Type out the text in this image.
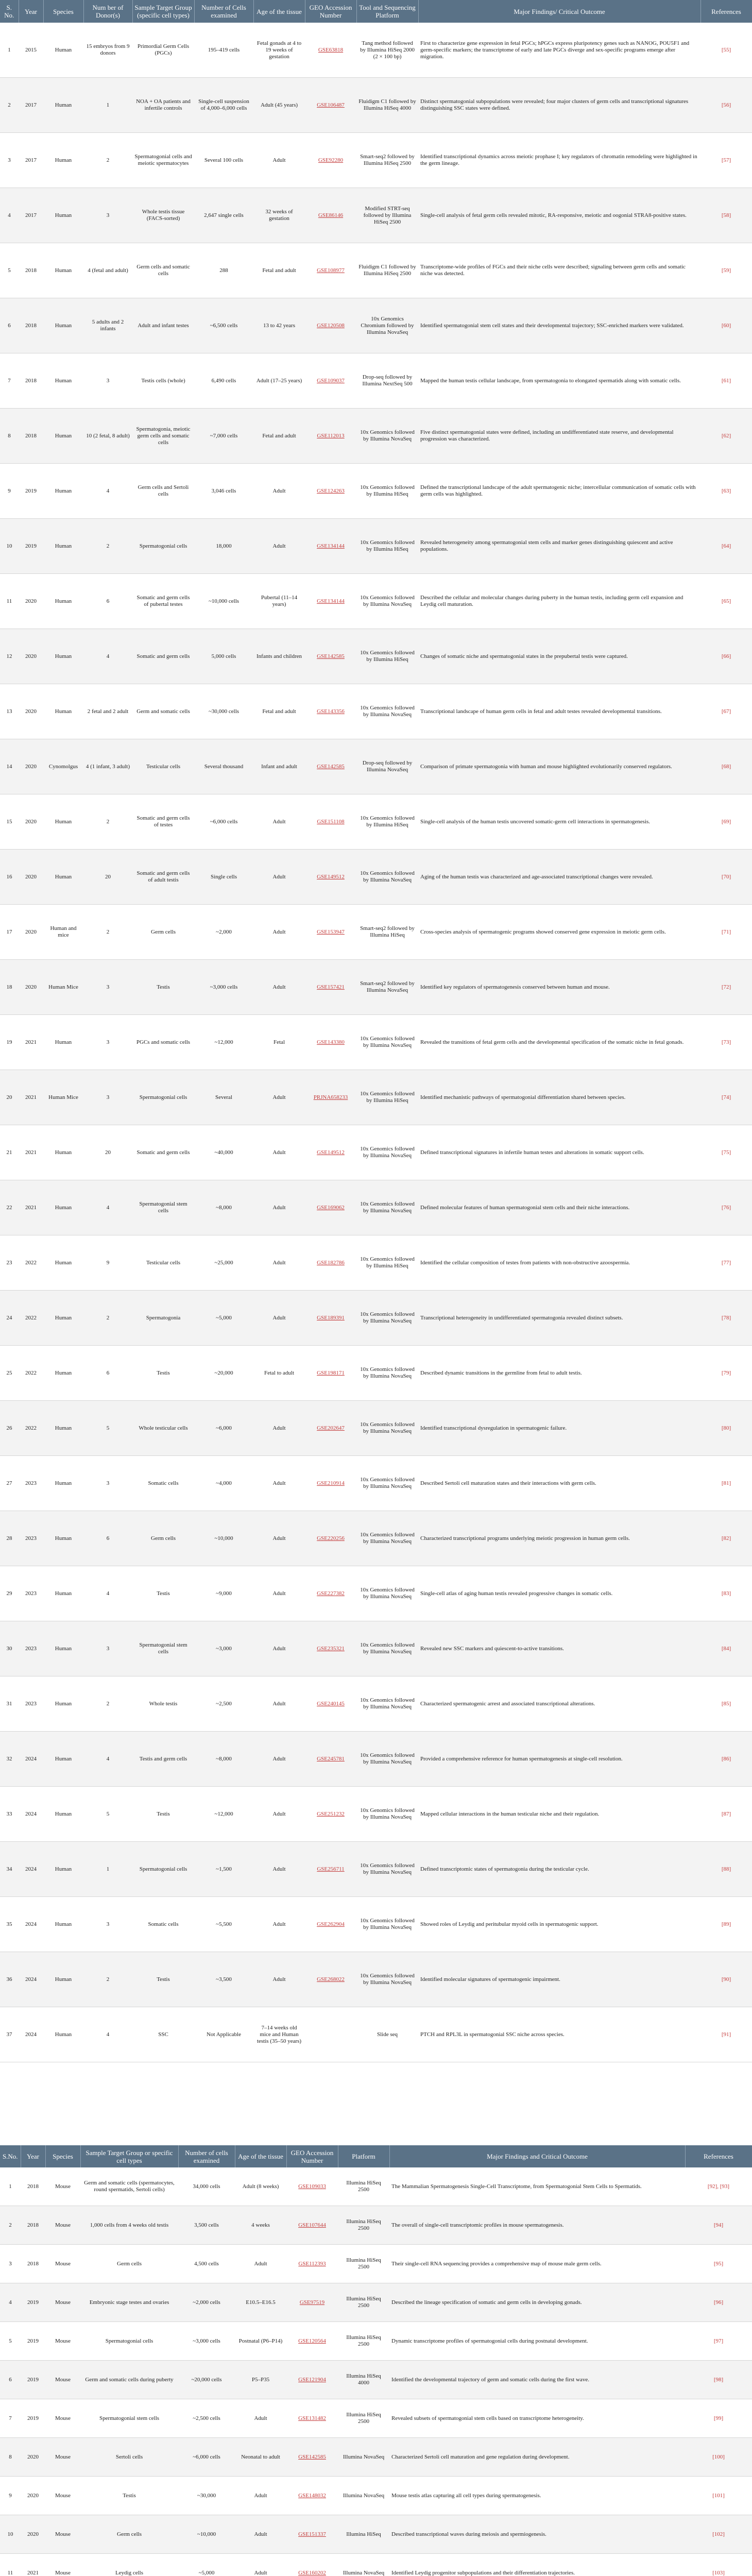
S. No.	Year	Species	Num ber of Donor(s)	Sample Target Group (specific cell types)	Number of Cells examined	Age of the tissue	GEO Accession Number	Tool and Sequencing Platform	Major Findings/ Critical Outcome	References
1	2015	Human	15 embryos from 9 donors	Primordial Germ Cells (PGCs)	195–419 cells	Fetal gonads at 4 to 19 weeks of gestation	GSE63818	Tang method followed by Illumina HiSeq 2000 (2 × 100 bp)	First to characterize gene expression in fetal PGCs; hPGCs express pluripotency genes such as NANOG, POU5F1 and germ-specific markers; the transcriptome of early and late PGCs diverge and sex-specific programs emerge after migration.	[55]
2	2017	Human	1	NOA + OA patients and infertile controls	Single-cell suspension of 4,000–6,000 cells	Adult (45 years)	GSE106487	Fluidigm C1 followed by Illumina HiSeq 4000	Distinct spermatogonial subpopulations were revealed; four major clusters of germ cells and transcriptional signatures distinguishing SSC states were defined.	[56]
3	2017	Human	2	Spermatogonial cells and meiotic spermatocytes	Several 100 cells	Adult	GSE92280	Smart-seq2 followed by Illumina HiSeq 2500	Identified transcriptional dynamics across meiotic prophase I; key regulators of chromatin remodeling were highlighted in the germ lineage.	[57]
4	2017	Human	3	Whole testis tissue (FACS-sorted)	2,647 single cells	32 weeks of gestation	GSE86146	Modified STRT-seq followed by Illumina HiSeq 2500	Single-cell analysis of fetal germ cells revealed mitotic, RA-responsive, meiotic and oogonial STRA8-positive states.	[58]
5	2018	Human	4 (fetal and adult)	Germ cells and somatic cells	288	Fetal and adult	GSE108977	Fluidigm C1 followed by Illumina HiSeq 2500	Transcriptome-wide profiles of FGCs and their niche cells were described; signaling between germ cells and somatic niche was detected.	[59]
6	2018	Human	5 adults and 2 infants	Adult and infant testes	~6,500 cells	13 to 42 years	GSE120508	10x Genomics Chromium followed by Illumina NovaSeq	Identified spermatogonial stem cell states and their developmental trajectory; SSC-enriched markers were validated.	[60]
7	2018	Human	3	Testis cells (whole)	6,490 cells	Adult (17–25 years)	GSE109037	Drop-seq followed by Illumina NextSeq 500	Mapped the human testis cellular landscape, from spermatogonia to elongated spermatids along with somatic cells.	[61]
8	2018	Human	10 (2 fetal, 8 adult)	Spermatogonia, meiotic germ cells and somatic cells	~7,000 cells	Fetal and adult	GSE112013	10x Genomics followed by Illumina NovaSeq	Five distinct spermatogonial states were defined, including an undifferentiated state reserve, and developmental progression was characterized.	[62]
9	2019	Human	4	Germ cells and Sertoli cells	3,046 cells	Adult	GSE124263	10x Genomics followed by Illumina HiSeq	Defined the transcriptional landscape of the adult spermatogenic niche; intercellular communication of somatic cells with germ cells was highlighted.	[63]
10	2019	Human	2	Spermatogonial cells	18,000	Adult	GSE134144	10x Genomics followed by Illumina HiSeq	Revealed heterogeneity among spermatogonial stem cells and marker genes distinguishing quiescent and active populations.	[64]
11	2020	Human	6	Somatic and germ cells of pubertal testes	~10,000 cells	Pubertal (11–14 years)	GSE134144	10x Genomics followed by Illumina NovaSeq	Described the cellular and molecular changes during puberty in the human testis, including germ cell expansion and Leydig cell maturation.	[65]
12	2020	Human	4	Somatic and germ cells	5,000 cells	Infants and children	GSE142585	10x Genomics followed by Illumina HiSeq	Changes of somatic niche and spermatogonial states in the prepubertal testis were captured.	[66]
13	2020	Human	2 fetal and 2 adult	Germ and somatic cells	~30,000 cells	Fetal and adult	GSE143356	10x Genomics followed by Illumina NovaSeq	Transcriptional landscape of human germ cells in fetal and adult testes revealed developmental transitions.	[67]
14	2020	Cynomolgus	4 (1 infant, 3 adult)	Testicular cells	Several thousand	Infant and adult	GSE142585	Drop-seq followed by Illumina NovaSeq	Comparison of primate spermatogonia with human and mouse highlighted evolutionarily conserved regulators.	[68]
15	2020	Human	2	Somatic and germ cells of testes	~6,000 cells	Adult	GSE151108	10x Genomics followed by Illumina HiSeq	Single-cell analysis of the human testis uncovered somatic-germ cell interactions in spermatogenesis.	[69]
16	2020	Human	20	Somatic and germ cells of adult testis	Single cells	Adult	GSE149512	10x Genomics followed by Illumina NovaSeq	Aging of the human testis was characterized and age-associated transcriptional changes were revealed.	[70]
17	2020	Human and mice	2	Germ cells	~2,000	Adult	GSE153947	Smart-seq2 followed by Illumina HiSeq	Cross-species analysis of spermatogenic programs showed conserved gene expression in meiotic germ cells.	[71]
18	2020	Human Mice	3	Testis	~3,000 cells	Adult	GSE157421	Smart-seq2 followed by Illumina NovaSeq	Identified key regulators of spermatogenesis conserved between human and mouse.	[72]
19	2021	Human	3	PGCs and somatic cells	~12,000	Fetal	GSE143380	10x Genomics followed by Illumina NovaSeq	Revealed the transitions of fetal germ cells and the developmental specification of the somatic niche in fetal gonads.	[73]
20	2021	Human Mice	3	Spermatogonial cells	Several	Adult	PRJNA658233	10x Genomics followed by Illumina HiSeq	Identified mechanistic pathways of spermatogonial differentiation shared between species.	[74]
21	2021	Human	20	Somatic and germ cells	~40,000	Adult	GSE149512	10x Genomics followed by Illumina NovaSeq	Defined transcriptional signatures in infertile human testes and alterations in somatic support cells.	[75]
22	2021	Human	4	Spermatogonial stem cells	~8,000	Adult	GSE169062	10x Genomics followed by Illumina NovaSeq	Defined molecular features of human spermatogonial stem cells and their niche interactions.	[76]
23	2022	Human	9	Testicular cells	~25,000	Adult	GSE182786	10x Genomics followed by Illumina HiSeq	Identified the cellular composition of testes from patients with non-obstructive azoospermia.	[77]
24	2022	Human	2	Spermatogonia	~5,000	Adult	GSE189391	10x Genomics followed by Illumina NovaSeq	Transcriptional heterogeneity in undifferentiated spermatogonia revealed distinct subsets.	[78]
25	2022	Human	6	Testis	~20,000	Fetal to adult	GSE198171	10x Genomics followed by Illumina NovaSeq	Described dynamic transitions in the germline from fetal to adult testis.	[79]
26	2022	Human	5	Whole testicular cells	~6,000	Adult	GSE202647	10x Genomics followed by Illumina NovaSeq	Identified transcriptional dysregulation in spermatogenic failure.	[80]
27	2023	Human	3	Somatic cells	~4,000	Adult	GSE210914	10x Genomics followed by Illumina NovaSeq	Described Sertoli cell maturation states and their interactions with germ cells.	[81]
28	2023	Human	6	Germ cells	~10,000	Adult	GSE220256	10x Genomics followed by Illumina NovaSeq	Characterized transcriptional programs underlying meiotic progression in human germ cells.	[82]
29	2023	Human	4	Testis	~9,000	Adult	GSE227382	10x Genomics followed by Illumina NovaSeq	Single-cell atlas of aging human testis revealed progressive changes in somatic cells.	[83]
30	2023	Human	3	Spermatogonial stem cells	~3,000	Adult	GSE235321	10x Genomics followed by Illumina NovaSeq	Revealed new SSC markers and quiescent-to-active transitions.	[84]
31	2023	Human	2	Whole testis	~2,500	Adult	GSE240145	10x Genomics followed by Illumina NovaSeq	Characterized spermatogenic arrest and associated transcriptional alterations.	[85]
32	2024	Human	4	Testis and germ cells	~8,000	Adult	GSE245781	10x Genomics followed by Illumina NovaSeq	Provided a comprehensive reference for human spermatogenesis at single-cell resolution.	[86]
33	2024	Human	5	Testis	~12,000	Adult	GSE251232	10x Genomics followed by Illumina NovaSeq	Mapped cellular interactions in the human testicular niche and their regulation.	[87]
34	2024	Human	1	Spermatogonial cells	~1,500	Adult	GSE256711	10x Genomics followed by Illumina NovaSeq	Defined transcriptomic states of spermatogonia during the testicular cycle.	[88]
35	2024	Human	3	Somatic cells	~5,500	Adult	GSE262904	10x Genomics followed by Illumina NovaSeq	Showed roles of Leydig and peritubular myoid cells in spermatogenic support.	[89]
36	2024	Human	2	Testis	~3,500	Adult	GSE268022	10x Genomics followed by Illumina NovaSeq	Identified molecular signatures of spermatogenic impairment.	[90]
37	2024	Human	4	SSC	Not Applicable	7–14 weeks old mice and Human testis (35–50 years)		Slide seq	PTCH and RPL3L in spermatogonial SSC niche across species.	[91]
S.No.	Year	Species	Sample Target Group or specific cell types	Number of cells examined	Age of the tissue	GEO Accession Number	Platform	Major Findings and Critical Outcome	References
1	2018	Mouse	Germ and somatic cells (spermatocytes, round spermatids, Sertoli cells)	34,000 cells	Adult (8 weeks)	GSE109033	Illumina HiSeq 2500	The Mammalian Spermatogenesis Single-Cell Transcriptome, from Spermatogonial Stem Cells to Spermatids.	[92], [93]
2	2018	Mouse	1,000 cells from 4 weeks old testis	3,500 cells	4 weeks	GSE107644	Illumina HiSeq 2500	The overall of single-cell transcriptomic profiles in mouse spermatogenesis.	[94]
3	2018	Mouse	Germ cells	4,500 cells	Adult	GSE112393	Illumina HiSeq 2500	Their single-cell RNA sequencing provides a comprehensive map of mouse male germ cells.	[95]
4	2019	Mouse	Embryonic stage testes and ovaries	~2,000 cells	E10.5–E16.5	GSE97519	Illumina HiSeq 2500	Described the lineage specification of somatic and germ cells in developing gonads.	[96]
5	2019	Mouse	Spermatogonial cells	~3,000 cells	Postnatal (P6–P14)	GSE120564	Illumina HiSeq 2500	Dynamic transcriptome profiles of spermatogonial cells during postnatal development.	[97]
6	2019	Mouse	Germ and somatic cells during puberty	~20,000 cells	P5–P35	GSE121904	Illumina HiSeq 4000	Identified the developmental trajectory of germ and somatic cells during the first wave.	[98]
7	2019	Mouse	Spermatogonial stem cells	~2,500 cells	Adult	GSE131482	Illumina HiSeq 2500	Revealed subsets of spermatogonial stem cells based on transcriptome heterogeneity.	[99]
8	2020	Mouse	Sertoli cells	~6,000 cells	Neonatal to adult	GSE142585	Illumina NovaSeq	Characterized Sertoli cell maturation and gene regulation during development.	[100]
9	2020	Mouse	Testis	~30,000	Adult	GSE148032	Illumina NovaSeq	Mouse testis atlas capturing all cell types during spermatogenesis.	[101]
10	2020	Mouse	Germ cells	~10,000	Adult	GSE151337	Illumina HiSeq	Described transcriptional waves during meiosis and spermiogenesis.	[102]
11	2021	Mouse	Leydig cells	~5,000	Adult	GSE160202	Illumina NovaSeq	Identified Leydig progenitor subpopulations and their differentiation trajectories.	[103]
